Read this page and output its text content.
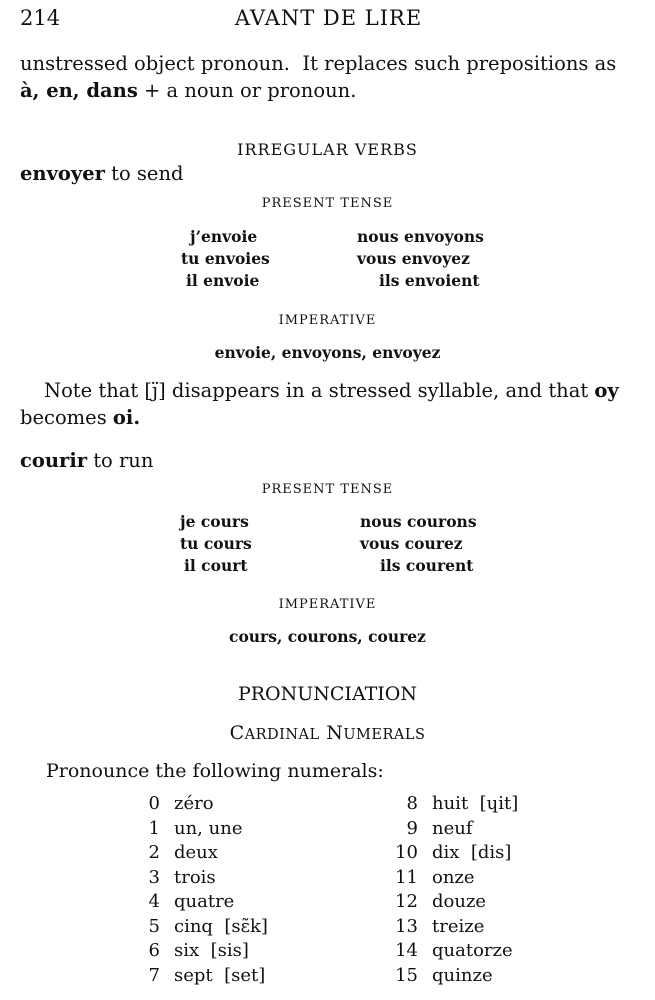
214	AVANT DE LIRE
unstressed object pronoun.  It replaces such prepositions as
à, en, dans + a noun or pronoun.
IRREGULAR VERBS
envoyer to send
PRESENT TENSE
j’envoie
tu envoies
il envoie
nous envoyons
vous envoyez
ils envoient
IMPERATIVE
envoie, envoyons, envoyez
Note that [j̈] disappears in a stressed syllable, and that oy
becomes oi.
courir to run
PRESENT TENSE
je cours
tu cours
il court
nous courons
vous courez
ils courent
IMPERATIVE
cours, courons, courez
PRONUNCIATION
CARDINAL NUMERALS
Pronounce the following numerals:
0 zéro
1 un, une
2 deux
3 trois
4 quatre
5 cinq  [sɛ̃k]
6 six  [sis]
7 sept  [set]
8 huit  [ɥit]
9 neuf
10 dix  [dis]
11 onze
12 douze
13 treize
14 quatorze
15 quinze
